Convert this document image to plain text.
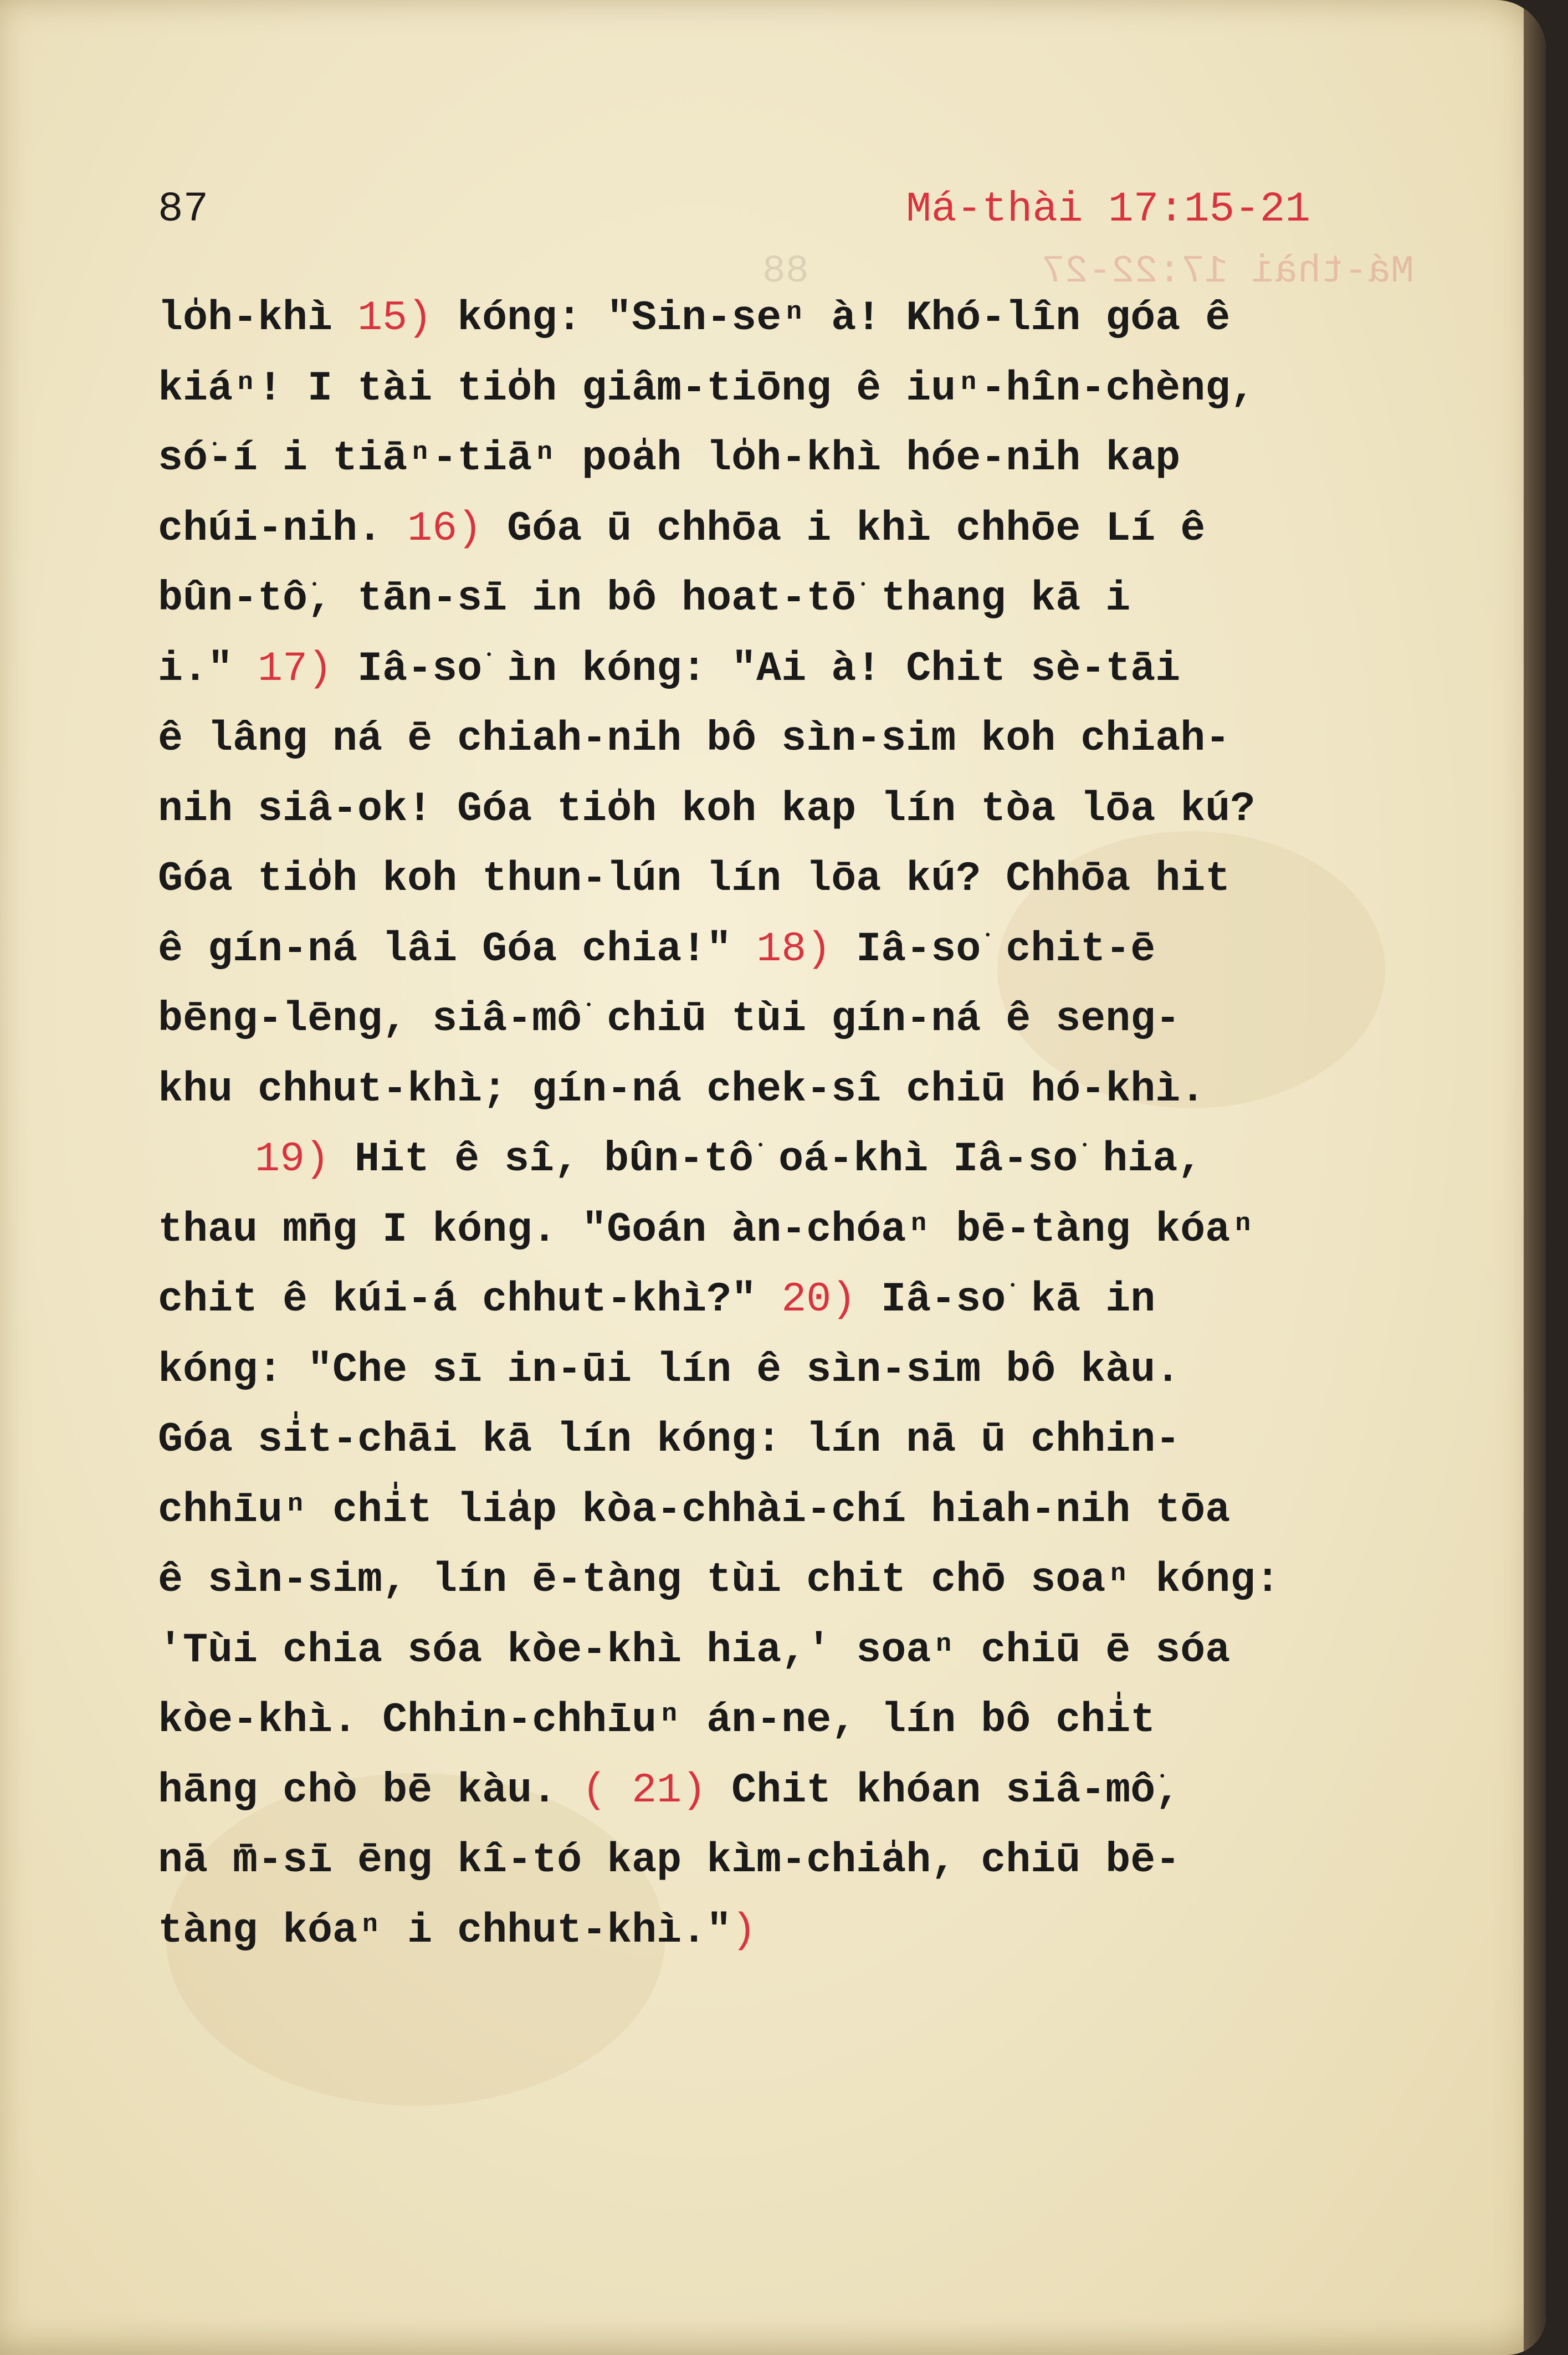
Má-thài 17:22-27          88

87	Má-thài 17:15-21
lo̍h-khì 15) kóng: "Sin-seⁿ à! Khó-lîn góa ê
kiáⁿ! I tài tio̍h giâm-tiōng ê iuⁿ-hîn-chèng,
só͘-í i tiāⁿ-tiāⁿ poa̍h lo̍h-khì hóe-nih kap
chúi-nih. 16) Góa ū chhōa i khì chhōe Lí ê
bûn-tô͘, tān-sī in bô hoat-tō͘ thang kā i
i." 17) Iâ-so͘ ìn kóng: "Ai à! Chit sè-tāi
ê lâng ná ē chiah-nih bô sìn-sim koh chiah-
nih siâ-ok! Góa tio̍h koh kap lín tòa lōa kú?
Góa tio̍h koh thun-lún lín lōa kú? Chhōa hit
ê gín-ná lâi Góa chia!" 18) Iâ-so͘ chit-ē
bēng-lēng, siâ-mô͘ chiū tùi gín-ná ê seng-
khu chhut-khì; gín-ná chek-sî chiū hó-khì.
19) Hit ê sî, bûn-tô͘ oá-khì Iâ-so͘ hia,
thau mn̄g I kóng. "Goán àn-chóaⁿ bē-tàng kóaⁿ
chit ê kúi-á chhut-khì?" 20) Iâ-so͘ kā in
kóng: "Che sī in-ūi lín ê sìn-sim bô kàu.
Góa si̍t-chāi kā lín kóng: lín nā ū chhin-
chhīuⁿ chi̍t lia̍p kòa-chhài-chí hiah-nih tōa
ê sìn-sim, lín ē-tàng tùi chit chō soaⁿ kóng:
'Tùi chia sóa kòe-khì hia,' soaⁿ chiū ē sóa
kòe-khì. Chhin-chhīuⁿ án-ne, lín bô chi̍t
hāng chò bē kàu. ( 21) Chit khóan siâ-mô͘,
nā m̄-sī ēng kî-tó kap kìm-chia̍h, chiū bē-
tàng kóaⁿ i chhut-khì.")
